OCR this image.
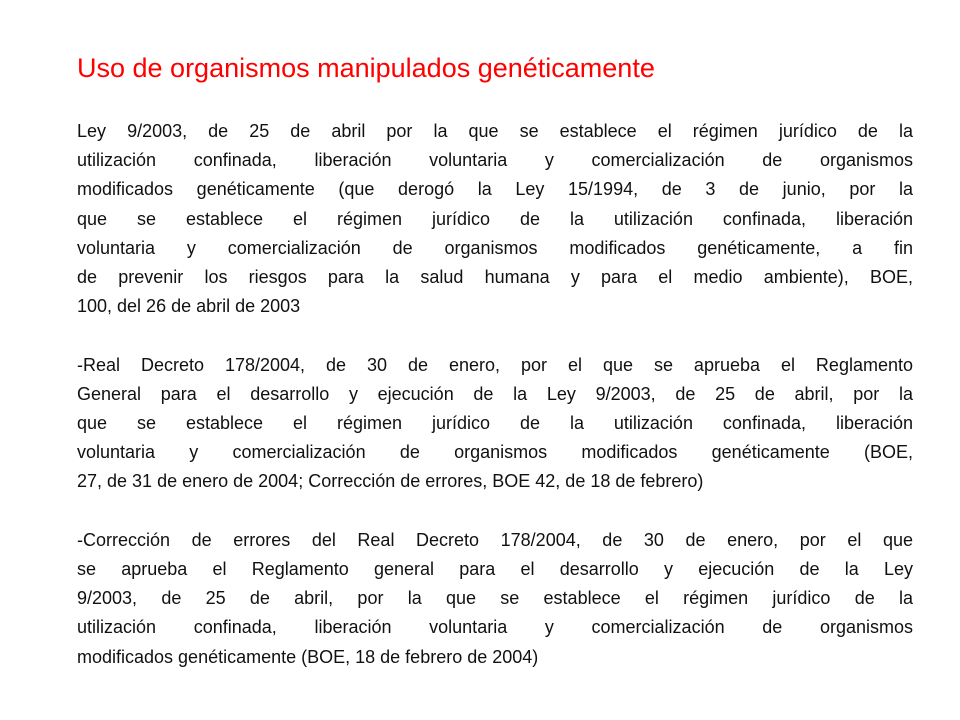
Uso de organismos manipulados genéticamente

Ley 9/2003, de 25 de abril por la que se establece el régimen jurídico de la
utilización confinada, liberación voluntaria y comercialización de organismos
modificados genéticamente (que derogó la Ley 15/1994, de 3 de junio, por la
que se establece el régimen jurídico de la utilización confinada, liberación
voluntaria y comercialización de organismos modificados genéticamente, a fin
de prevenir los riesgos para la salud humana y para el medio ambiente), BOE,
100, del 26 de abril de 2003

-Real Decreto 178/2004, de 30 de enero, por el que se aprueba el Reglamento
General para el desarrollo y ejecución de la Ley 9/2003, de 25 de abril, por la
que se establece el régimen jurídico de la utilización confinada, liberación
voluntaria y comercialización de organismos modificados genéticamente (BOE,
27, de 31 de enero de 2004; Corrección de errores, BOE 42, de 18 de febrero)

-Corrección de errores del Real Decreto 178/2004, de 30 de enero, por el que
se aprueba el Reglamento general para el desarrollo y ejecución de la Ley
9/2003, de 25 de abril, por la que se establece el régimen jurídico de la
utilización confinada, liberación voluntaria y comercialización de organismos
modificados genéticamente (BOE, 18 de febrero de 2004)
